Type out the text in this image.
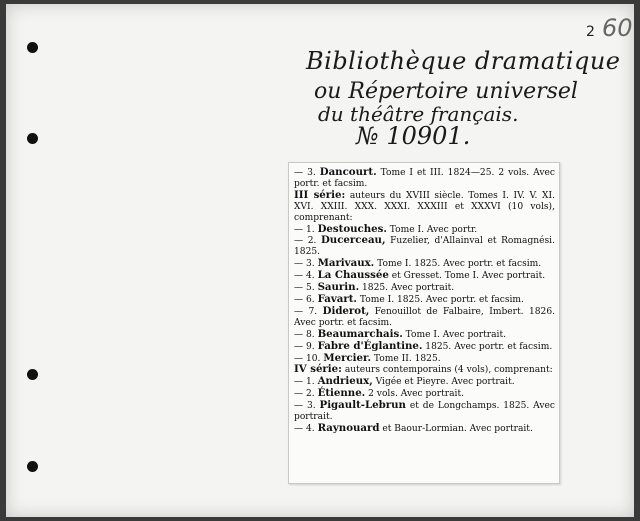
2 60
Bibliothèque dramatique
ou Répertoire universel
du théâtre français.
№ 10901.
— 3. Dancourt. Tome I et III. 1824—25. 2 vols. Avec portr. et facsim.
III série: auteurs du XVIII siècle. Tomes I. IV. V. XI. XVI. XXIII. XXX. XXXI. XXXIII et XXXVI (10 vols), comprenant:
— 1. Destouches. Tome I. Avec portr.
— 2. Ducerceau, Fuzelier, d'Allainval et Romagnési. 1825.
— 3. Marivaux. Tome I. 1825. Avec portr. et facsim.
— 4. La Chaussée et Gresset. Tome I. Avec portrait.
— 5. Saurin. 1825. Avec portrait.
— 6. Favart. Tome I. 1825. Avec portr. et facsim.
— 7. Diderot, Fenouillot de Falbaire, Imbert. 1826. Avec portr. et facsim.
— 8. Beaumarchais. Tome I. Avec portrait.
— 9. Fabre d'Églantine. 1825. Avec portr. et facsim.
— 10. Mercier. Tome II. 1825.
IV série: auteurs contemporains (4 vols), comprenant:
— 1. Andrieux, Vigée et Pieyre. Avec portrait.
— 2. Étienne. 2 vols. Avec portrait.
— 3. Pigault-Lebrun et de Longchamps. 1825. Avec portrait.
— 4. Raynouard et Baour-Lormian. Avec portrait.
